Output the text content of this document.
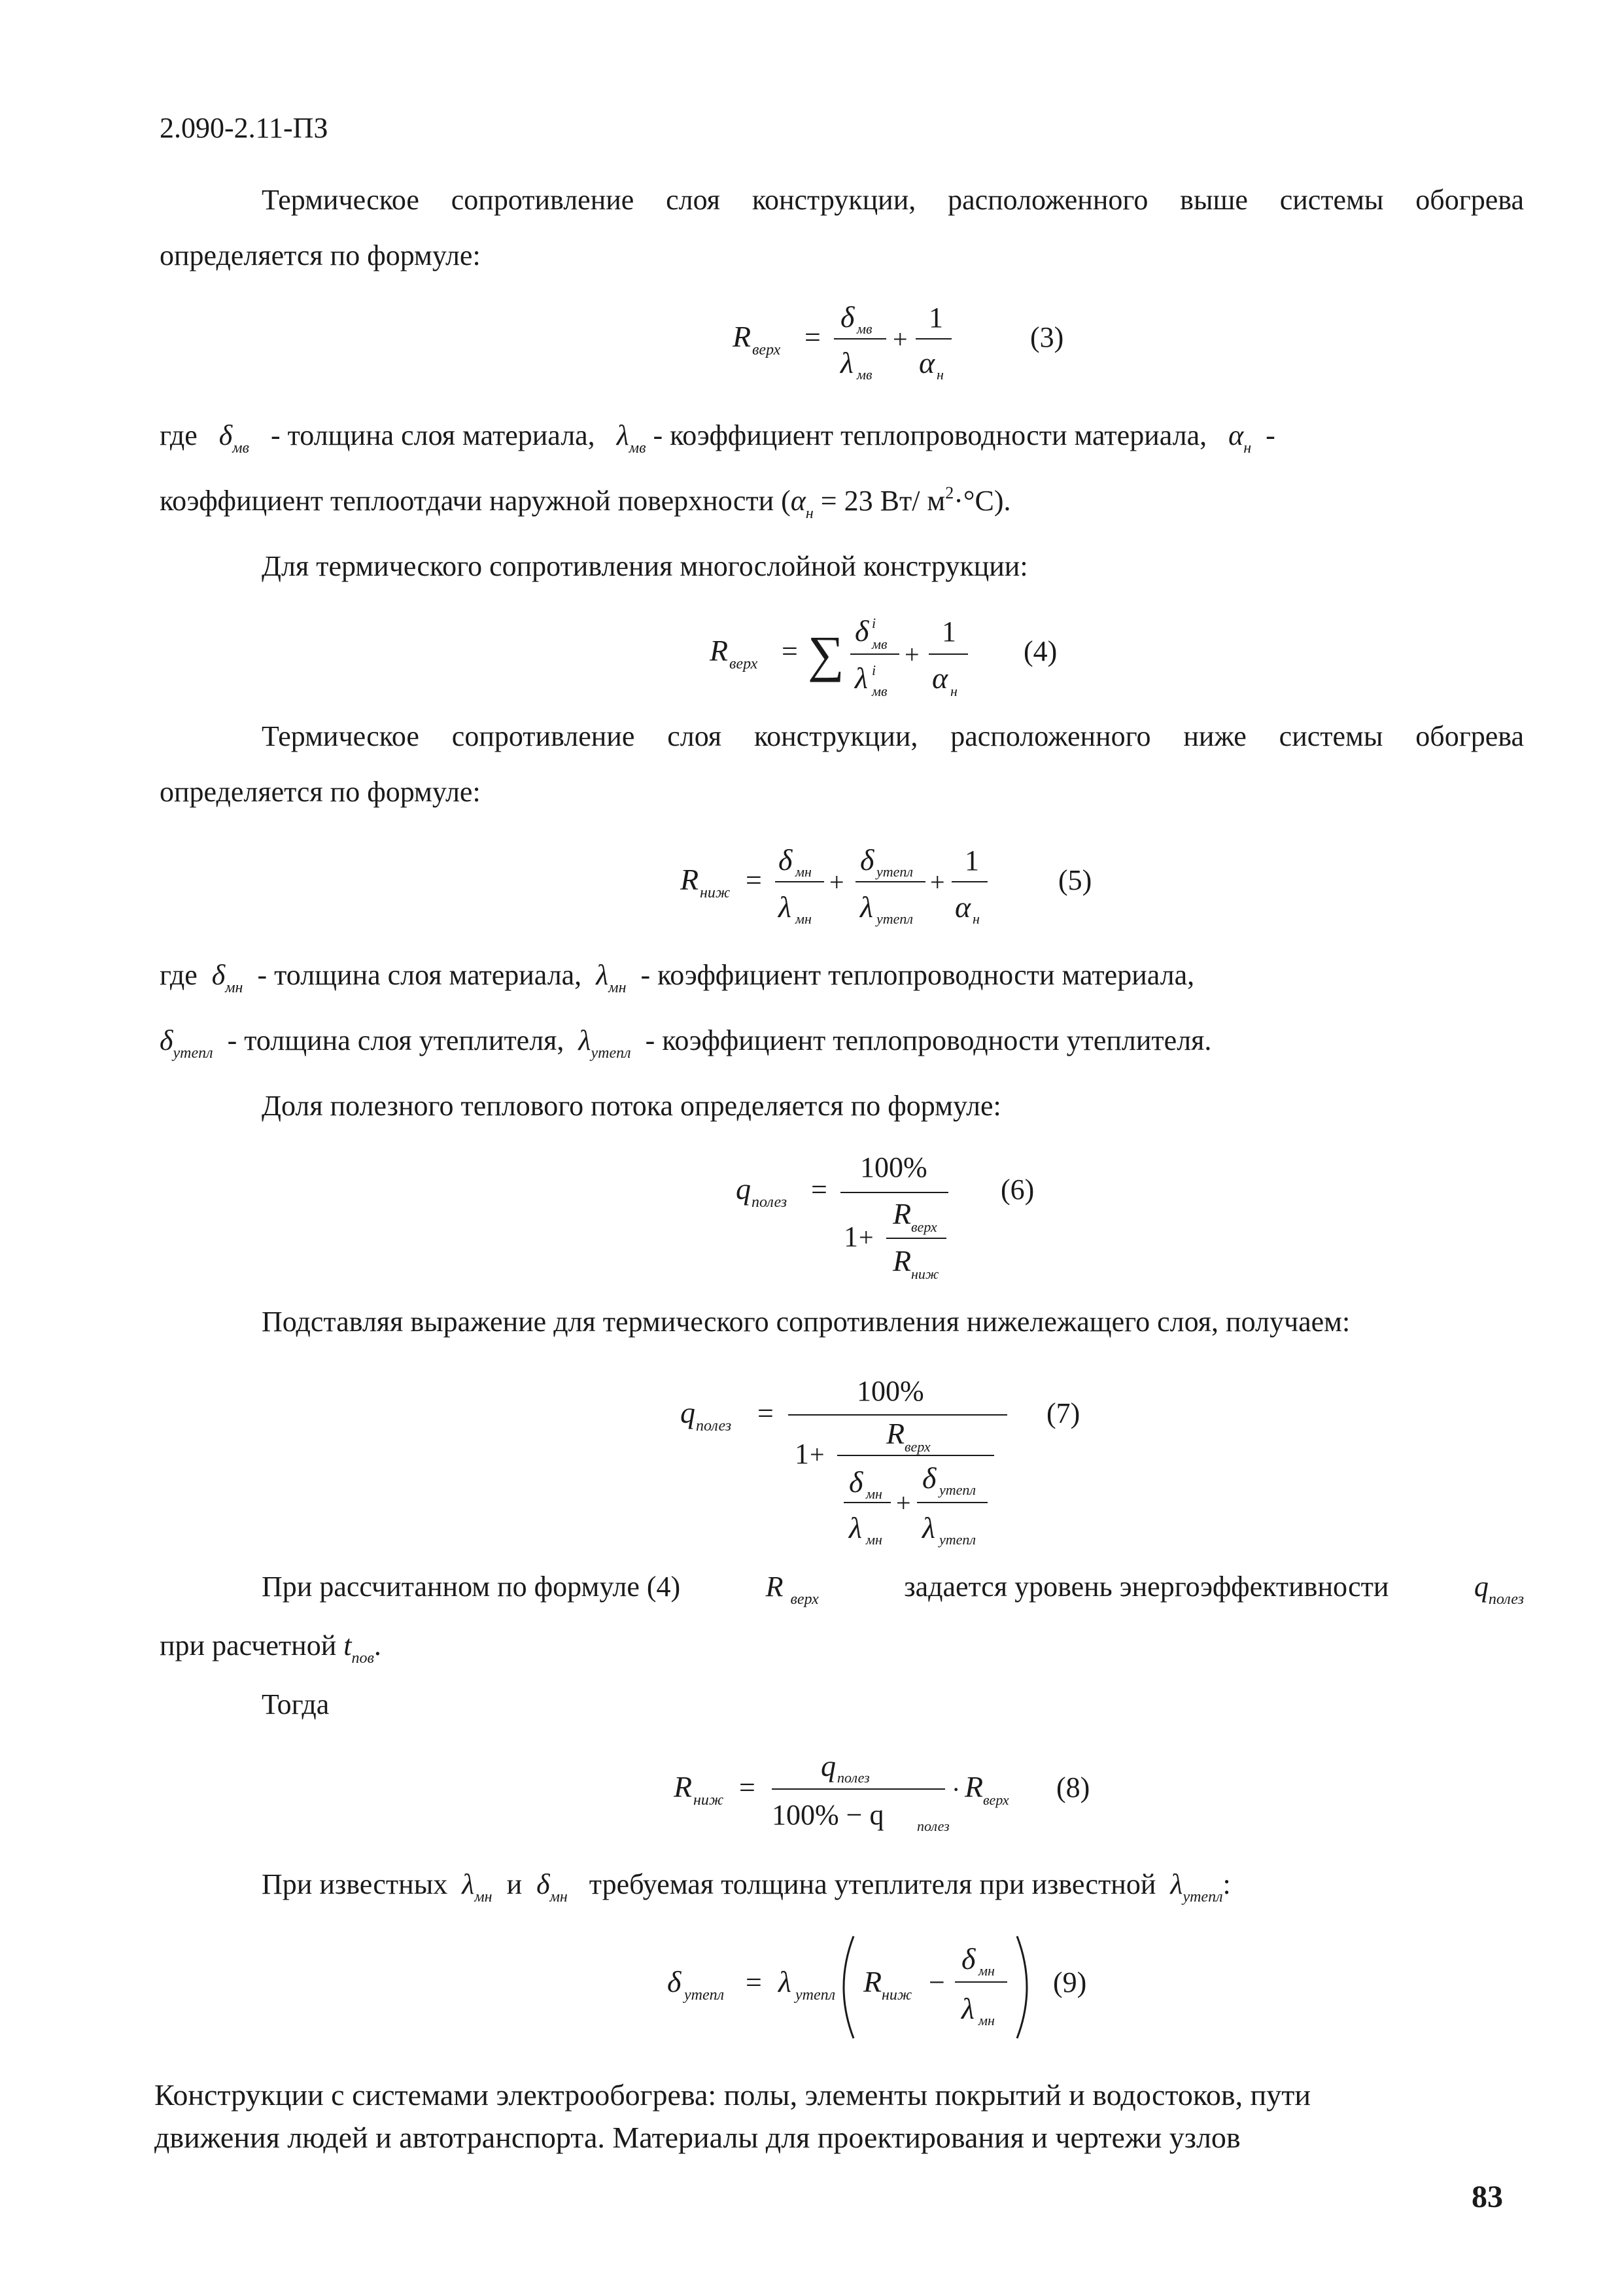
2.090-2.11-ПЗ
Термическое сопротивление слоя конструкции, расположенного выше системы обогрева
определяется по формуле:
R верх =
δ мв
λ мв
+
1
α н
(3)
где $\delta_{мв}$ - толщина слоя материала, $\lambda_{мв}$ - коэффициент теплопроводности материала, $\alpha_н$ -
коэффициент теплоотдачи наружной поверхности ($\alpha_н = 23$ Вт/ $м^2\cdot^\circ С$).
Для термического сопротивления многослойной конструкции:
R верх = ∑ δ i
мв
λ i
мв
+
1
α н
(4)
Термическое сопротивление слоя конструкции, расположенного ниже системы обогрева
определяется по формуле:
R ниж =
δ мн
λ мн
+
δ утепл
λ утепл
+
1
α н
(5)
где $\delta_{мн}$ - толщина слоя материала, $\lambda_{мн}$ - коэффициент теплопроводности материала,
$\delta_{утепл}$ - толщина слоя утеплителя, $\lambda_{утепл}$ - коэффициент теплопроводности утеплителя.
Доля полезного теплового потока определяется по формуле:
q полез =
100%
1 +
R верх
R ниж
(6)
Подставляя выражение для термического сопротивления нижележащего слоя, получаем:
q полез =
100%
1 +
R верх
δ мн
λ мн
+
δ утепл
λ утепл
(7)
При рассчитанном по формуле (4)	R $_{верх}$	задается уровень энергоэффективности	$q_{полез}$
при расчетной $t_{пов}$.
Тогда
R ниж =
q полез
100% − q полез
· R верх (8)
При известных $\lambda_{мн}$ и $\delta_{мн}$ требуемая толщина утеплителя при известной $\lambda_{утепл}$:
δ утепл = λ утепл R ниж −
δ мн
λ мн
(9)
Конструкции с системами электрообогрева: полы, элементы покрытий и водостоков, пути
движения людей и автотранспорта. Материалы для проектирования и чертежи узлов
83
